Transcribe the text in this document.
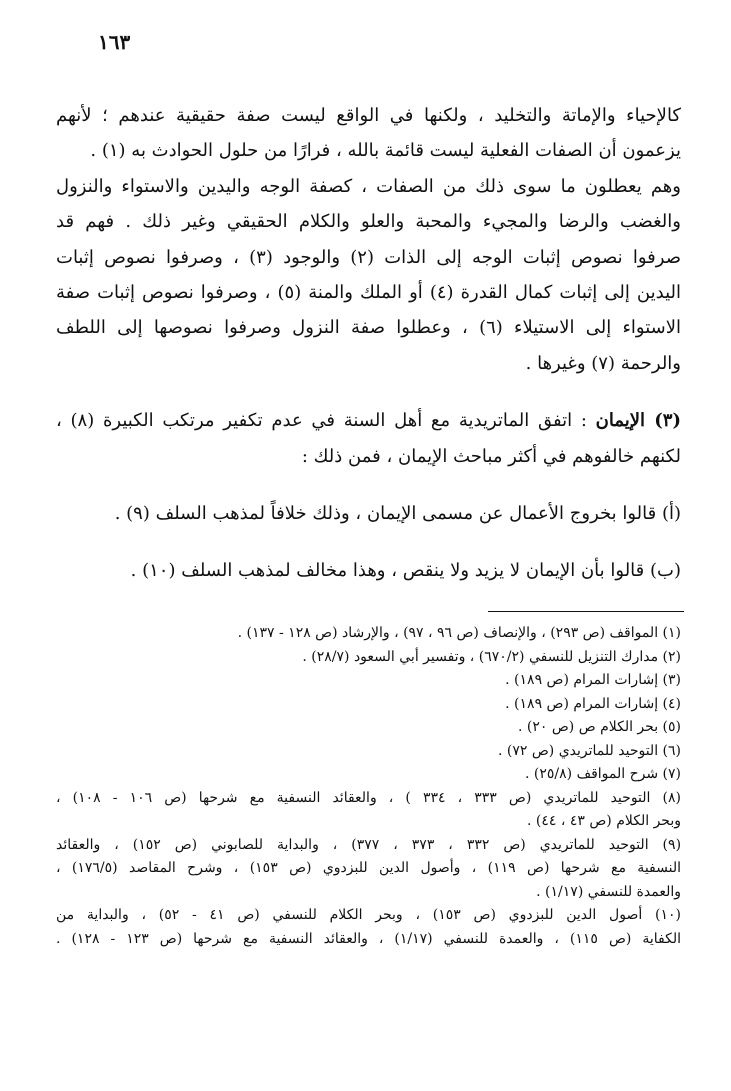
١٦٣

كالإحياء والإماتة والتخليد ، ولكنها في الواقع ليست صفة حقيقية عندهم ؛ لأنهم
يزعمون أن الصفات الفعلية ليست قائمة بالله ، فرارًا من حلول الحوادث به (١) .

وهم يعطلون ما سوى ذلك من الصفات ، كصفة الوجه واليدين والاستواء والنزول
والغضب والرضا والمجيء والمحبة والعلو والكلام الحقيقي وغير ذلك . فهم قد
صرفوا نصوص إثبات الوجه إلى الذات (٢) والوجود (٣) ، وصرفوا نصوص إثبات
اليدين إلى إثبات كمال القدرة (٤) أو الملك والمنة (٥) ، وصرفوا نصوص إثبات صفة
الاستواء إلى الاستيلاء (٦) ، وعطلوا صفة النزول وصرفوا نصوصها إلى اللطف
والرحمة (٧) وغيرها .

(٣) الإيمان : اتفق الماتريدية مع أهل السنة في عدم تكفير مرتكب الكبيرة (٨) ،
لكنهم خالفوهم في أكثر مباحث الإيمان ، فمن ذلك :

(أ) قالوا بخروج الأعمال عن مسمى الإيمان ، وذلك خلافاً لمذهب السلف (٩) .

(ب) قالوا بأن الإيمان لا يزيد ولا ينقص ، وهذا مخالف لمذهب السلف (١٠) .

(١) المواقف (ص ٢٩٣) ، والإنصاف (ص ٩٦ ، ٩٧) ، والإرشاد (ص ١٢٨ - ١٣٧) .
(٢) مدارك التنزيل للنسفي (٦٧٠/٢) ، وتفسير أبي السعود (٢٨/٧) .
(٣) إشارات المرام (ص ١٨٩) .
(٤) إشارات المرام (ص ١٨٩) .
(٥) بحر الكلام ص (ص ٢٠) .
(٦) التوحيد للماتريدي (ص ٧٢) .
(٧) شرح المواقف (٢٥/٨) .
(٨) التوحيد للماتريدي (ص ٣٣٣ ، ٣٣٤ ) ، والعقائد النسفية مع شرحها (ص ١٠٦ - ١٠٨) ،
وبحر الكلام (ص ٤٣ ، ٤٤) .
(٩) التوحيد للماتريدي (ص ٣٣٢ ، ٣٧٣ ، ٣٧٧) ، والبداية للصابوني (ص ١٥٢) ، والعقائد
النسفية مع شرحها (ص ١١٩) ، وأصول الدين للبزدوي (ص ١٥٣) ، وشرح المقاصد (١٧٦/٥) ،
والعمدة للنسفي (١/١٧) .
(١٠) أصول الدين للبزدوي (ص ١٥٣) ، وبحر الكلام للنسفي (ص ٤١ - ٥٢) ، والبداية من
الكفاية (ص ١١٥) ، والعمدة للنسفي (١/١٧) ، والعقائد النسفية مع شرحها (ص ١٢٣ - ١٢٨) .
